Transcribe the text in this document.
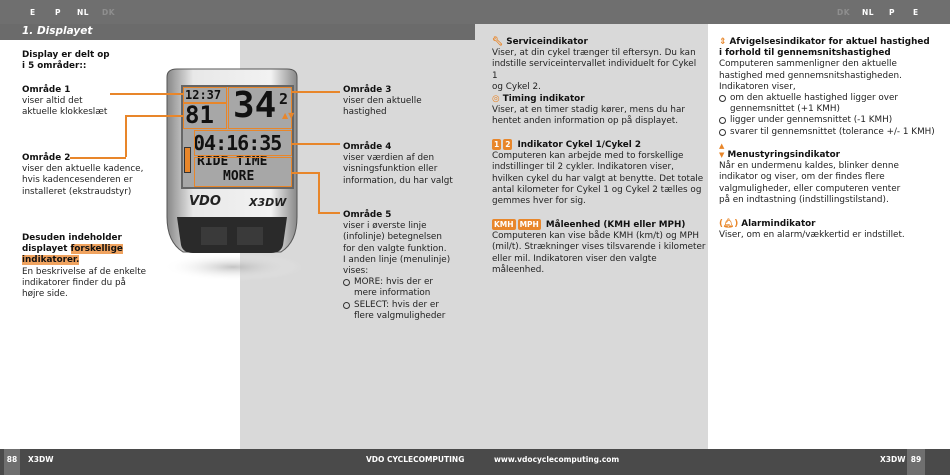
E	P NL DK
1. Displayet
Display er delt op
i 5 områder::
Område 1
viser altid det
aktuelle klokkeslæt
Område 2
viser den aktuelle kadence,
hvis kadencesenderen er
installeret (ekstraudstyr)
Desuden indeholder
displayet forskellige
indikatorer.
En beskrivelse af de enkelte
indikatorer finder du på
højre side.
VDO	X3DW
12:37
81 34 2
▲▼
04:16:35
RIDE TIME
MORE
Område 3
viser den aktuelle
hastighed
Område 4
viser værdien af den
visningsfunktion eller
information, du har valgt
Område 5
viser i øverste linje
(infolinje) betegnelsen
for den valgte funktion.
I anden linje (menulinje)
vises:
MORE: hvis der er
mere information
SELECT: hvis der er
flere valgmuligheder
88	X3DW	VDO CYCLECOMPUTING
DK NL P E
🔧︎ Serviceindikator
Viser, at din cykel trænger til eftersyn. Du kan
indstille serviceintervallet individuelt for Cykel 1
og Cykel 2.
◎ Timing indikator
Viser, at en timer stadig kører, mens du har
hentet anden information op på displayet.
1 2 Indikator Cykel 1/Cykel 2
Computeren kan arbejde med to forskellige
indstillinger til 2 cykler. Indikatoren viser,
hvilken cykel du har valgt at benytte. Det totale
antal kilometer for Cykel 1 og Cykel 2 tælles og
gemmes hver for sig.
KMH MPH Måleenhed (KMH eller MPH)
Computeren kan vise både KMH (km/t) og MPH
(mil/t). Strækninger vises tilsvarende i kilometer
eller mil. Indikatoren viser den valgte måleenhed.
⇕ Afvigelsesindikator for aktuel hastighed
i forhold til gennemsnitshastighed
Computeren sammenligner den aktuelle
hastighed med gennemsnitshastigheden.
Indikatoren viser,
om den aktuelle hastighed ligger over
gennemsnittet (+1 KMH)
ligger under gennemsnittet (-1 KMH)
svarer til gennemsnittet (tolerance +/- 1 KMH)
▲
▼ Menustyringsindikator
Når en undermenu kaldes, blinker denne
indikator og viser, om der findes flere
valgmuligheder, eller computeren venter
på en indtastning (indstillingstilstand).
(🔔︎) Alarmindikator
Viser, om en alarm/vækkertid er indstillet.
www.vdocyclecomputing.com	X3DW 89
